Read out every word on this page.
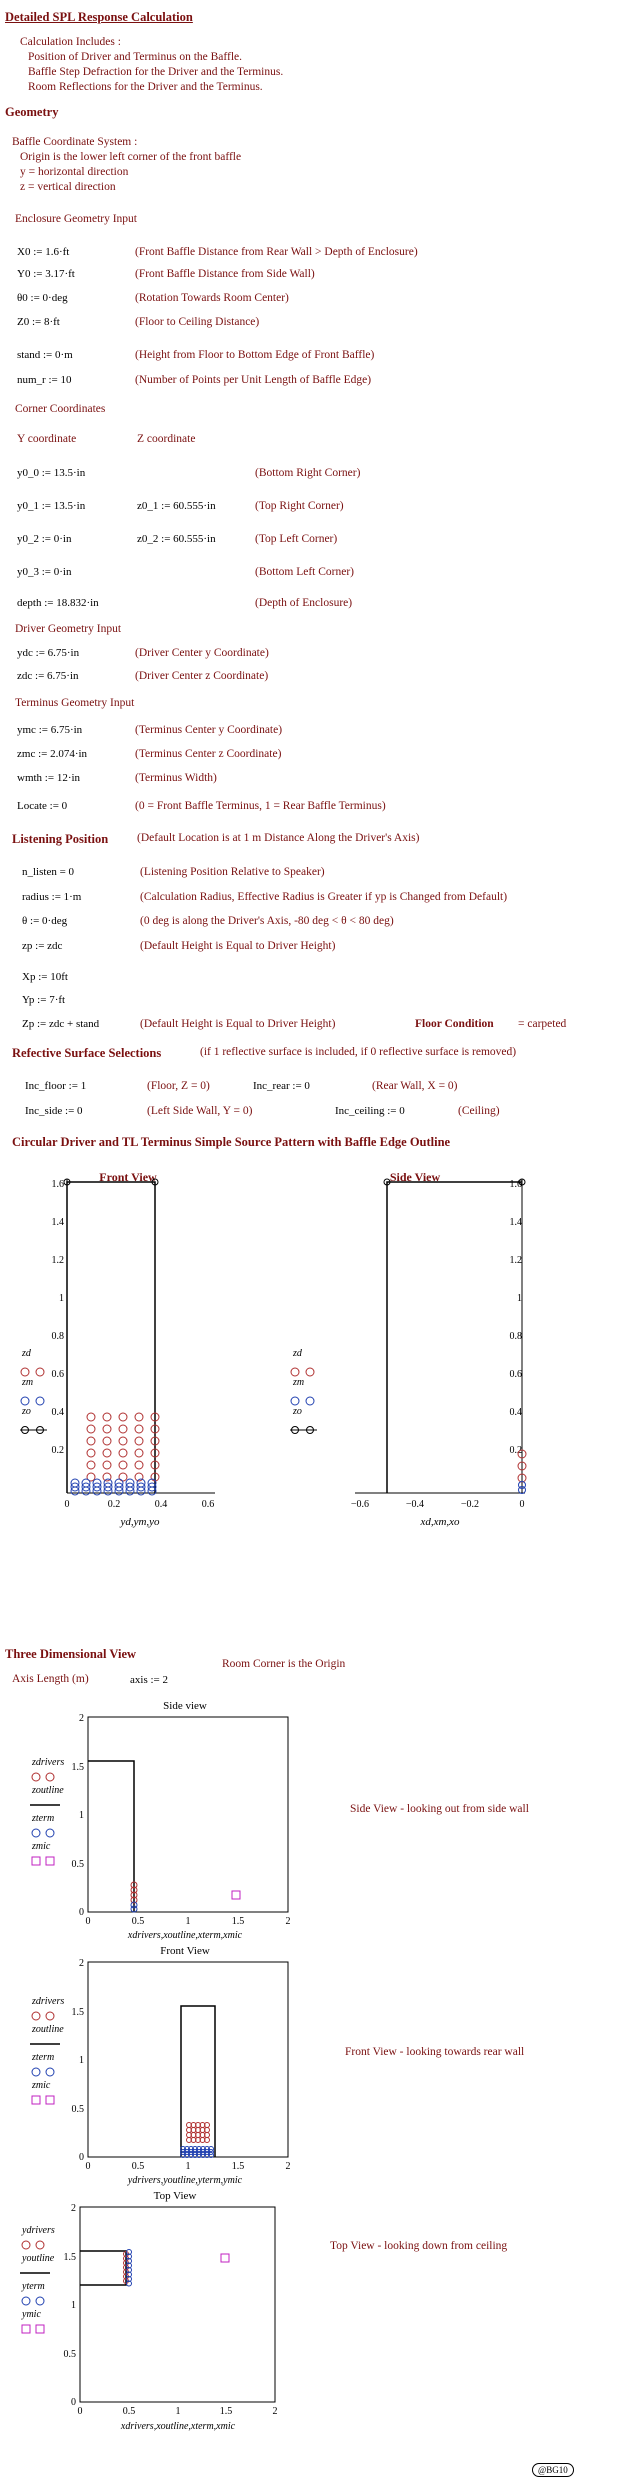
Detailed SPL Response Calculation
Calculation Includes :
Position of Driver and Terminus on the Baffle.
Baffle Step Defraction for the Driver and the Terminus.
Room Reflections for the Driver and the Terminus.
Geometry
Baffle Coordinate System :
Origin is the lower left corner of the front baffle
y = horizontal direction
z = vertical direction
Enclosure Geometry Input
X0 := 1.6·ft	(Front Baffle Distance from Rear Wall > Depth of Enclosure)
Y0 := 3.17·ft	(Front Baffle Distance from Side Wall)
θ0 := 0·deg	(Rotation Towards Room Center)
Z0 := 8·ft	(Floor to Ceiling Distance)
stand := 0·m	(Height from Floor to Bottom Edge of Front Baffle)
num_r := 10	(Number of Points per Unit Length of Baffle Edge)
Corner Coordinates
Y coordinate	Z coordinate
y0_0 := 13.5·in	(Bottom Right Corner)
y0_1 := 13.5·in	z0_1 := 60.555·in	(Top Right Corner)
y0_2 := 0·in	z0_2 := 60.555·in	(Top Left Corner)
y0_3 := 0·in	(Bottom Left Corner)
depth := 18.832·in	(Depth of Enclosure)
Driver Geometry Input
ydc := 6.75·in	(Driver Center y Coordinate)
zdc := 6.75·in	(Driver Center z Coordinate)
Terminus Geometry Input
ymc := 6.75·in	(Terminus Center y Coordinate)
zmc := 2.074·in	(Terminus Center z Coordinate)
wmth := 12·in	(Terminus Width)
Locate := 0	(0 = Front Baffle Terminus, 1 = Rear Baffle Terminus)
Listening Position	(Default Location is at 1 m Distance Along the Driver's Axis)
n_listen = 0	(Listening Position Relative to Speaker)
radius := 1·m	(Calculation Radius, Effective Radius is Greater if yp is Changed from Default)
θ := 0·deg	(0 deg is along the Driver's Axis, -80 deg < θ < 80 deg)
zp := zdc	(Default Height is Equal to Driver Height)
Xp := 10ft
Yp := 7·ft
Zp := zdc + stand	(Default Height is Equal to Driver Height)	Floor Condition = carpeted
Refective Surface Selections	(if 1 reflective surface is included, if 0 reflective surface is removed)
Inc_floor := 1	(Floor, Z = 0)	Inc_rear := 0	(Rear Wall, X = 0)
Inc_side := 0	(Left Side Wall, Y = 0)	Inc_ceiling := 0	(Ceiling)
Circular Driver and TL Terminus Simple Source Pattern with Baffle Edge Outline
Front View
1.6
1.4
1.2
1
0.8
0.6
0.4
0.2
0	0.2	0.4	0.6
yd,ym,yo
zd
zm
zo
Side View
1.6
1.4
1.2
1
0.8
0.6
0.4
0.2
−0.6	−0.4	−0.2	0
xd,xm,xo
zd
zm
zo
Three Dimensional View
Axis Length (m)	axis := 2
Room Corner is the Origin
Side view
0
0.5
1
1.5
2
0	0.5	1	1.5	2
xdrivers,xoutline,xterm,xmic
zdrivers
zoutline
zterm
zmic
Side View - looking out from side wall
Front View
0
0.5
1
1.5
2
0	0.5	1	1.5	2
ydrivers,youtline,yterm,ymic
zdrivers
zoutline
zterm
zmic
Front View - looking towards rear wall
Top View
0
0.5
1
1.5
2
0	0.5	1	1.5	2
xdrivers,xoutline,xterm,xmic
ydrivers
youtline
yterm
ymic
Top View - looking down from ceiling
@BG10
